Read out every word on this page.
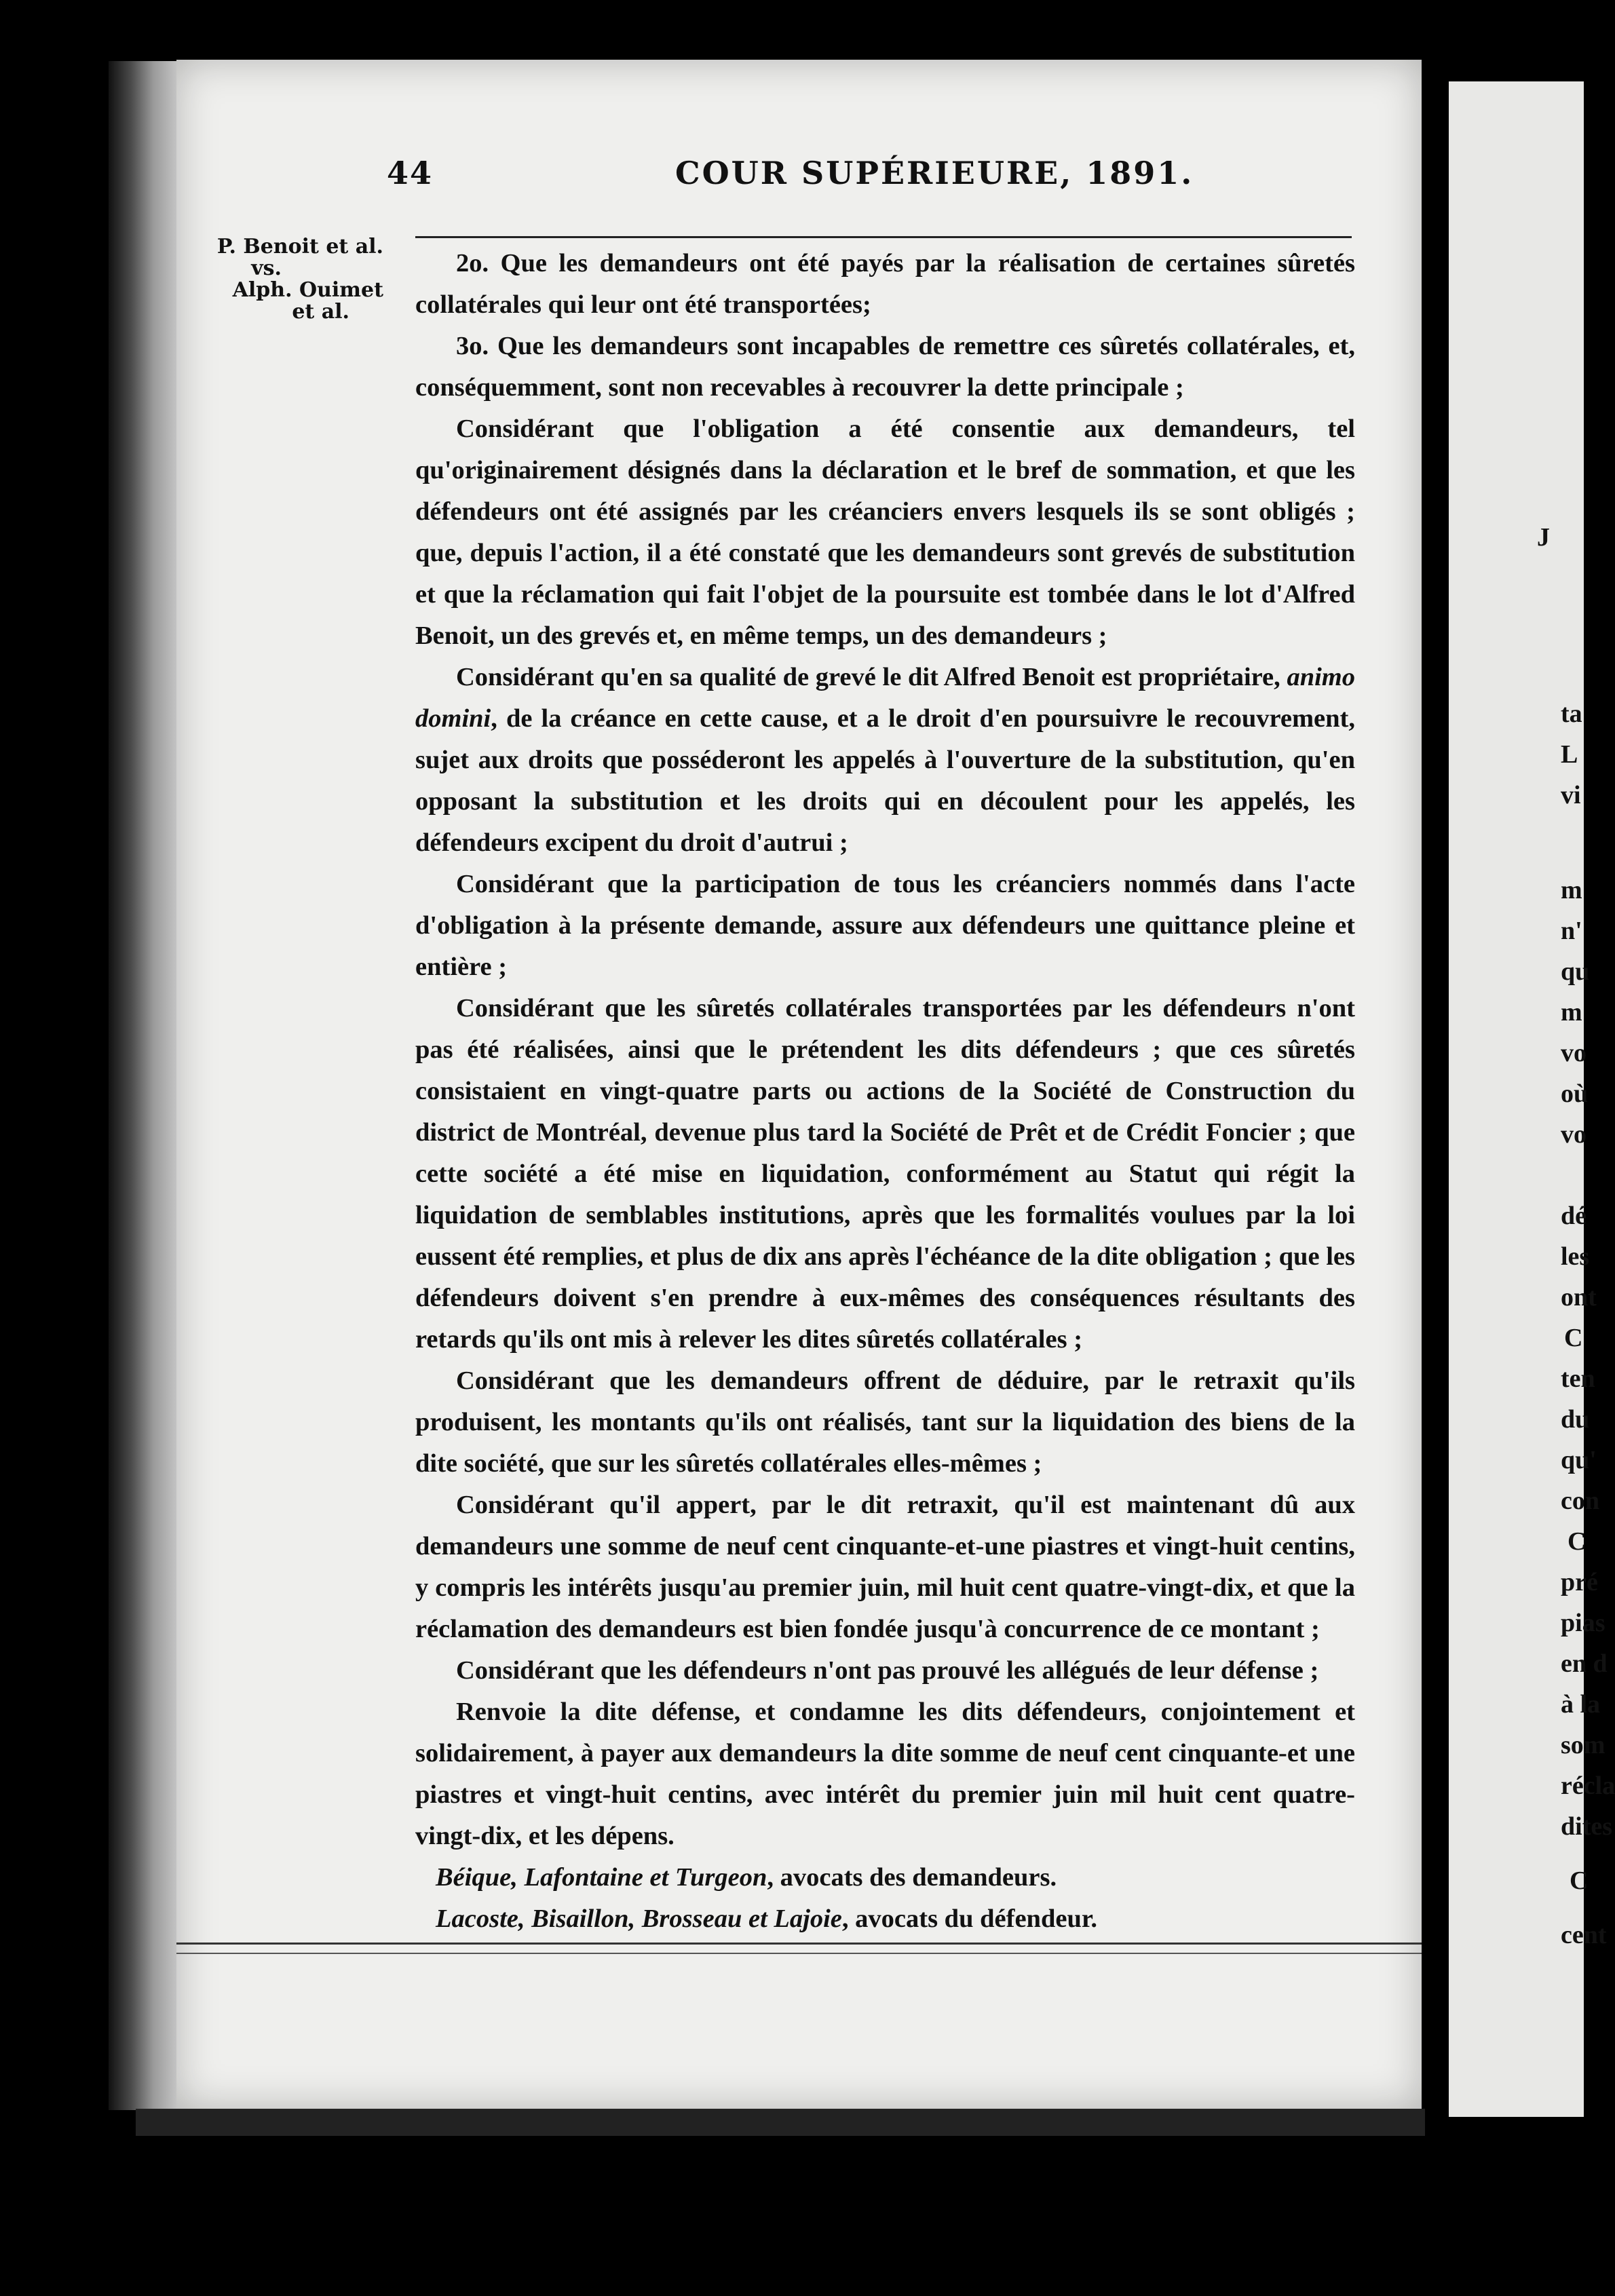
44	COUR SUPÉRIEURE, 1891.
P. Benoit et al.
vs.
Alph. Ouimet
et al.

2o. Que les demandeurs ont été payés par la réalisation de certaines sûretés collatérales qui leur ont été transportées;

3o. Que les demandeurs sont incapables de remettre ces sûretés collatérales, et, conséquemment, sont non recevables à recouvrer la dette principale ;

Considérant que l'obligation a été consentie aux demandeurs, tel qu'originairement désignés dans la déclaration et le bref de sommation, et que les défendeurs ont été assignés par les créanciers envers lesquels ils se sont obligés ; que, depuis l'action, il a été constaté que les demandeurs sont grevés de substitution et que la réclamation qui fait l'objet de la poursuite est tombée dans le lot d'Alfred Benoit, un des grevés et, en même temps, un des demandeurs ;

Considérant qu'en sa qualité de grevé le dit Alfred Benoit est propriétaire, animo domini, de la créance en cette cause, et a le droit d'en poursuivre le recouvrement, sujet aux droits que posséderont les appelés à l'ouverture de la substitution, qu'en opposant la substitution et les droits qui en découlent pour les appelés, les défendeurs excipent du droit d'autrui ;

Considérant que la participation de tous les créanciers nommés dans l'acte d'obligation à la présente demande, assure aux défendeurs une quittance pleine et entière ;

Considérant que les sûretés collatérales transportées par les défendeurs n'ont pas été réalisées, ainsi que le prétendent les dits défendeurs ; que ces sûretés consistaient en vingt-quatre parts ou actions de la Société de Construction du district de Montréal, devenue plus tard la Société de Prêt et de Crédit Foncier ; que cette société a été mise en liquidation, conformément au Statut qui régit la liquidation de semblables institutions, après que les formalités voulues par la loi eussent été remplies, et plus de dix ans après l'échéance de la dite obligation ; que les défendeurs doivent s'en prendre à eux-mêmes des conséquences résultants des retards qu'ils ont mis à relever les dites sûretés collatérales ;

Considérant que les demandeurs offrent de déduire, par le retraxit qu'ils produisent, les montants qu'ils ont réalisés, tant sur la liquidation des biens de la dite société, que sur les sûretés collatérales elles-mêmes ;

Considérant qu'il appert, par le dit retraxit, qu'il est maintenant dû aux demandeurs une somme de neuf cent cinquante-et-une piastres et vingt-huit centins, y compris les intérêts jusqu'au premier juin, mil huit cent quatre-vingt-dix, et que la réclamation des demandeurs est bien fondée jusqu'à concurrence de ce montant ;

Considérant que les défendeurs n'ont pas prouvé les allégués de leur défense ;

Renvoie la dite défense, et condamne les dits défendeurs, conjointement et solidairement, à payer aux demandeurs la dite somme de neuf cent cinquante-et une piastres et vingt-huit centins, avec intérêt du premier juin mil huit cent quatre-vingt-dix, et les dépens.

Béique, Lafontaine et Turgeon, avocats des demandeurs.

Lacoste, Bisaillon, Brosseau et Lajoie, avocats du défendeur.

J
ta
L
vi
m
n'
qu
m
vo
où
vo
dé
les
ont
C
ten
du
qu'
con
C
pré
pias
en d
à la
som
récla
dites
C
cent
